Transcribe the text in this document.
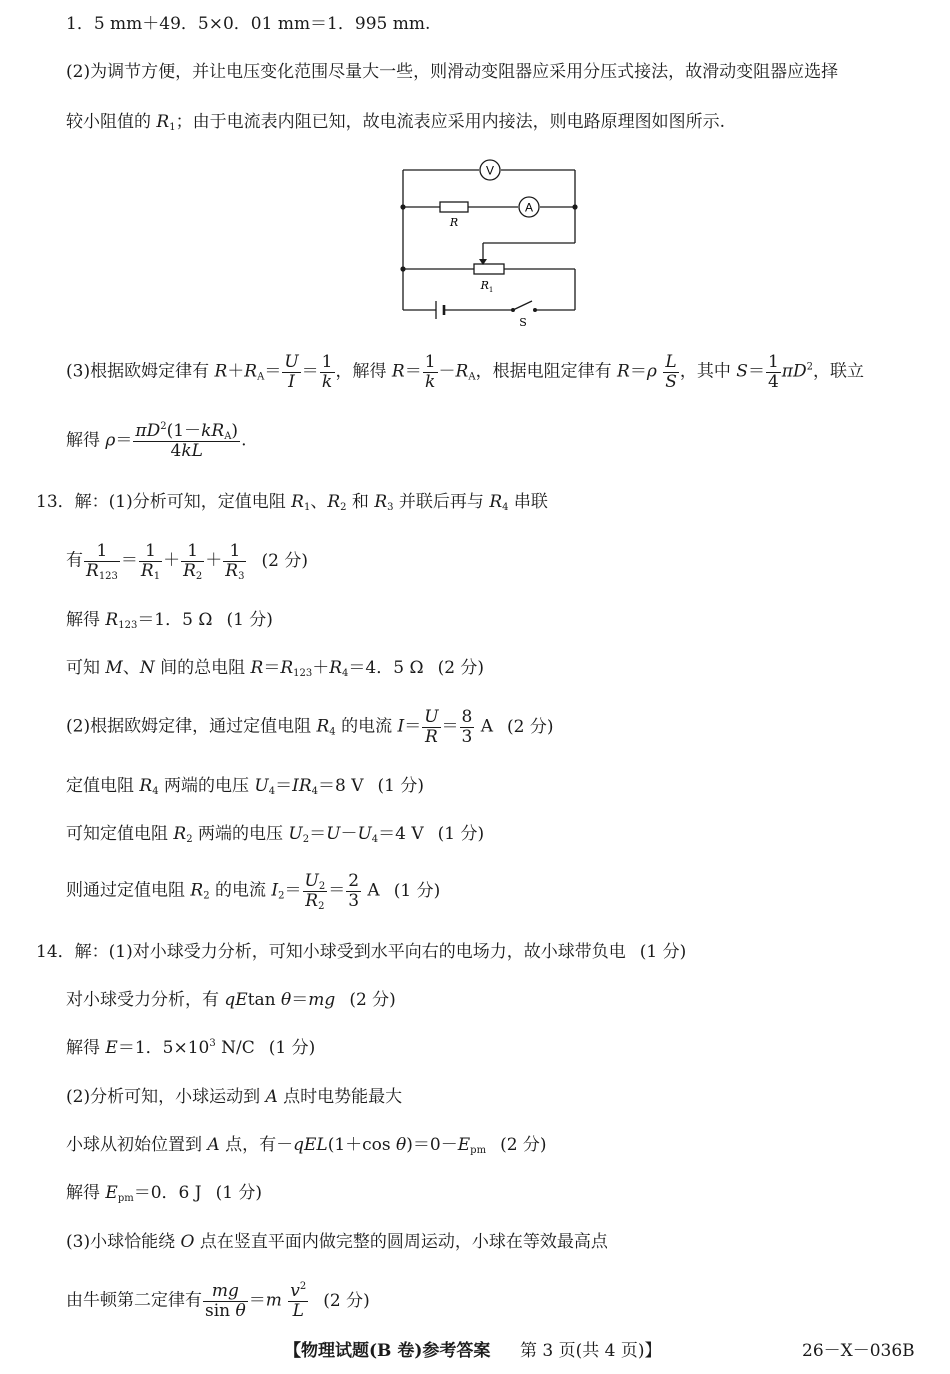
1．5 mm＋49．5×0．01 mm＝1．995 mm.
(2)为调节方便，并让电压变化范围尽量大一些，则滑动变阻器应采用分压式接法，故滑动变阻器应选择
较小阻值的 $R_1$；由于电流表内阻已知，故电流表应采用内接法，则电路原理图如图所示.
V
A
R
$R_1$
S
(3)根据欧姆定律有 $R+R_A= \frac{U}{I} = \frac{1}{k}$ ，解得 $R= \frac{1}{k} -R_A$，根据电阻定律有 $R=\rho \frac{L}{S}$ ，其中 $S= \frac{1}{4} \pi D^2$，联立
解得 $\rho= \frac{\pi D^2(1-kR_A)}{4kL}$ .
13．解：(1)分析可知，定值电阻 $R_1$、$R_2$ 和 $R_3$ 并联后再与 $R_4$ 串联
有 $\frac{1}{R_{123}} = \frac{1}{R_1} + \frac{1}{R_2} + \frac{1}{R_3} (2$ 分)
解得 $R_{123}=1$．5 Ω (1 分)
可知 M、N 间的总电阻 $R=R_{123}+R_4=4$．5 Ω (2 分)
(2)根据欧姆定律，通过定值电阻 $R_4$ 的电流 $I= \frac{U}{R} = \frac{8}{3}$ A (2 分)
定值电阻 $R_4$ 两端的电压 $U_4=IR_4=8$ V (1 分)
可知定值电阻 $R_2$ 两端的电压 $U_2=U-U_4=4$ V (1 分)
则通过定值电阻 $R_2$ 的电流 $I_2= \frac{U_2}{R_2} = \frac{2}{3}$ A (1 分)
14．解：(1)对小球受力分析，可知小球受到水平向右的电场力，故小球带负电 (1 分)
对小球受力分析，有 qEtan θ＝mg (2 分)
解得 E＝1．$5\times 10^3$ N/C (1 分)
(2)分析可知，小球运动到 A 点时电势能最大
小球从初始位置到 A 点，有－qEL(1＋cos $\theta)=0-E_{pm}$ (2 分)
解得 $E_{pm}=0$．6 J (1 分)
(3)小球恰能绕 O 点在竖直平面内做完整的圆周运动，小球在等效最高点
由牛顿第二定律有 $\frac{mg}{\text{sin θ}} =m \frac{v^2}{L} (2$ 分)
【物理试题(B 卷)参考答案 第 3 页(共 4 页)】	26－X－036B
